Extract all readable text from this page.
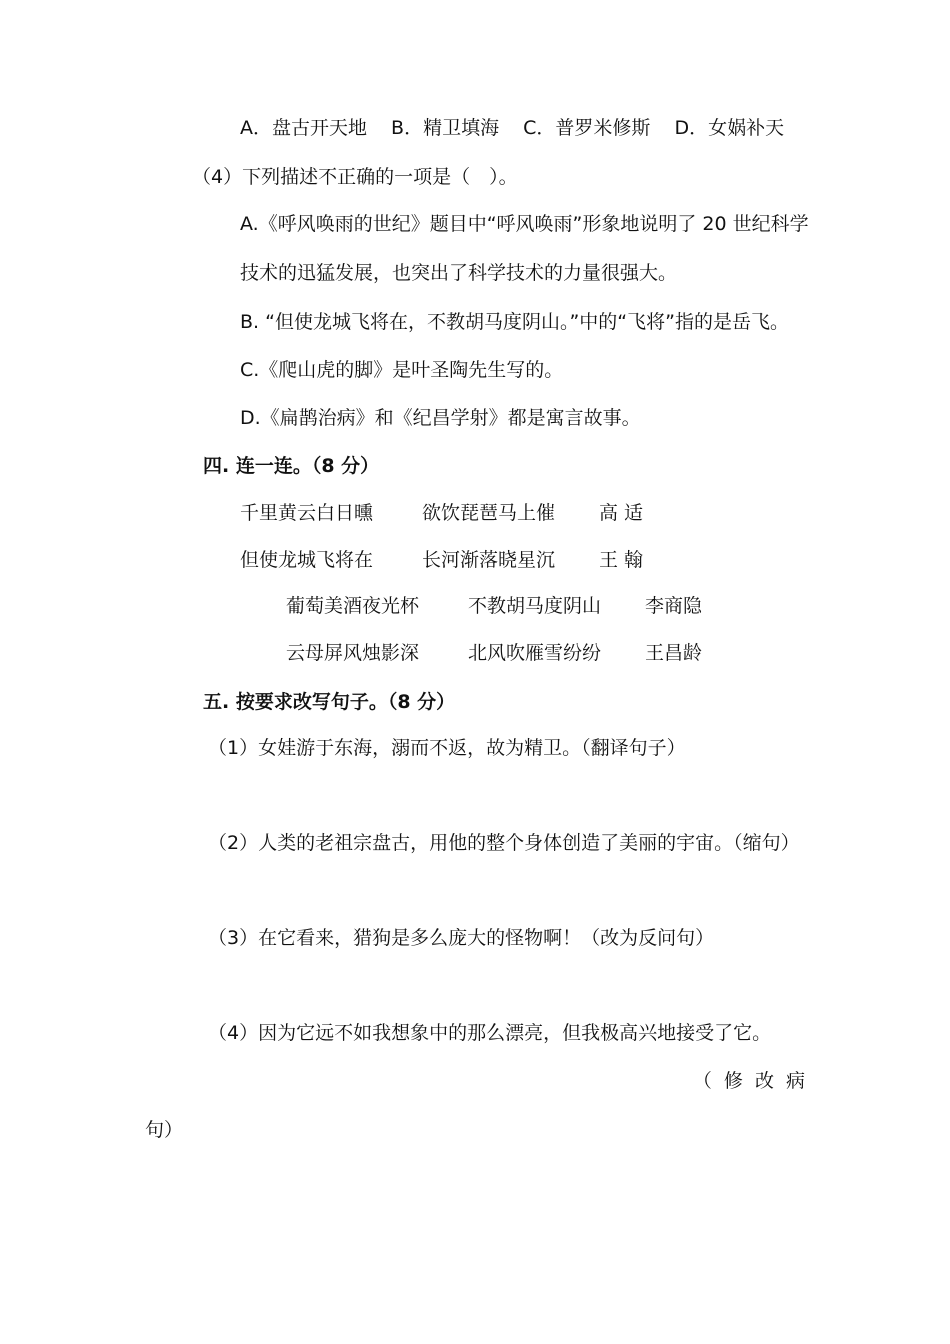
A．盘古开天地 B．精卫填海 C．普罗米修斯 D．女娲补天
（4）下列描述不正确的一项是（　）。
A.《呼风唤雨的世纪》题目中“呼风唤雨”形象地说明了 20 世纪科学
技术的迅猛发展，也突出了科学技术的力量很强大。
B. “但使龙城飞将在，不教胡马度阴山。”中的“飞将”指的是岳飞。
C.《爬山虎的脚》是叶圣陶先生写的。
D.《扁鹊治病》和《纪昌学射》都是寓言故事。
四. 连一连。（8 分）
千里黄云白日曛	欲饮琵琶马上催 高 适
但使龙城飞将在	长河渐落晓星沉 王 翰
葡萄美酒夜光杯	不教胡马度阴山 李商隐
云母屏风烛影深	北风吹雁雪纷纷 王昌龄
五. 按要求改写句子。（8 分）
（1）女娃游于东海，溺而不返，故为精卫。（翻译句子）
（2）人类的老祖宗盘古，用他的整个身体创造了美丽的宇宙。（缩句）
（3）在它看来，猎狗是多么庞大的怪物啊！（改为反问句）
（4）因为它远不如我想象中的那么漂亮，但我极高兴地接受了它。
（ 修 改 病
句）
